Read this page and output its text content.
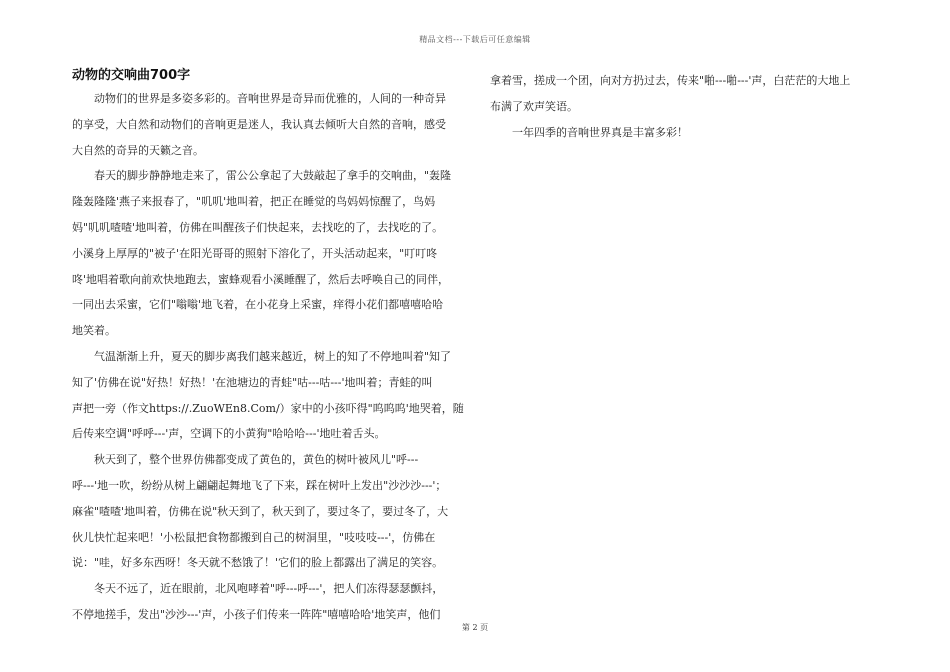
精品文档---下载后可任意编辑
动物的交响曲700字

动物们的世界是多姿多彩的。音响世界是奇异而优雅的，人间的一种奇异

的享受，大自然和动物们的音响更是迷人，我认真去倾听大自然的音响，感受

大自然的奇异的天籁之音。

春天的脚步静静地走来了，雷公公拿起了大鼓敲起了拿手的交响曲，"轰隆

隆轰隆隆'燕子来报春了，"叽叽'地叫着，把正在睡觉的鸟妈妈惊醒了，鸟妈

妈"叽叽喳喳'地叫着，仿佛在叫醒孩子们快起来，去找吃的了，去找吃的了。

小溪身上厚厚的"被子'在阳光哥哥的照射下溶化了，开头活动起来，"叮叮咚

咚'地唱着歌向前欢快地跑去，蜜蜂观看小溪睡醒了，然后去呼唤自己的同伴，

一同出去采蜜，它们"嗡嗡'地飞着，在小花身上采蜜，痒得小花们都嘻嘻哈哈

地笑着。

气温渐渐上升，夏天的脚步离我们越来越近，树上的知了不停地叫着"知了

知了'仿佛在说"好热！好热！'在池塘边的青蛙"咕---咕---'地叫着；青蛙的叫

声把一旁（作文https://.ZuoWEn8.Com/）家中的小孩吓得"呜呜呜'地哭着，随

后传来空调"呼呼---'声，空调下的小黄狗"哈哈哈---'地吐着舌头。

秋天到了，整个世界仿佛都变成了黄色的，黄色的树叶被风儿"呼---

呼---'地一吹，纷纷从树上翩翩起舞地飞了下来，踩在树叶上发出"沙沙沙---'；

麻雀"喳喳'地叫着，仿佛在说"秋天到了，秋天到了，要过冬了，要过冬了，大

伙儿快忙起来吧！'小松鼠把食物都搬到自己的树洞里，"吱吱吱---'，仿佛在

说："哇，好多东西呀！冬天就不愁饿了！'它们的脸上都露出了满足的笑容。

冬天不远了，近在眼前，北风咆哮着"呼---呼---'，把人们冻得瑟瑟颤抖，

不停地搓手，发出"沙沙---'声，小孩子们传来一阵阵"嘻嘻哈哈'地笑声，他们

拿着雪，搓成一个团，向对方扔过去，传来"啪---啪---'声，白茫茫的大地上

布满了欢声笑语。

一年四季的音响世界真是丰富多彩！

第 2 页
